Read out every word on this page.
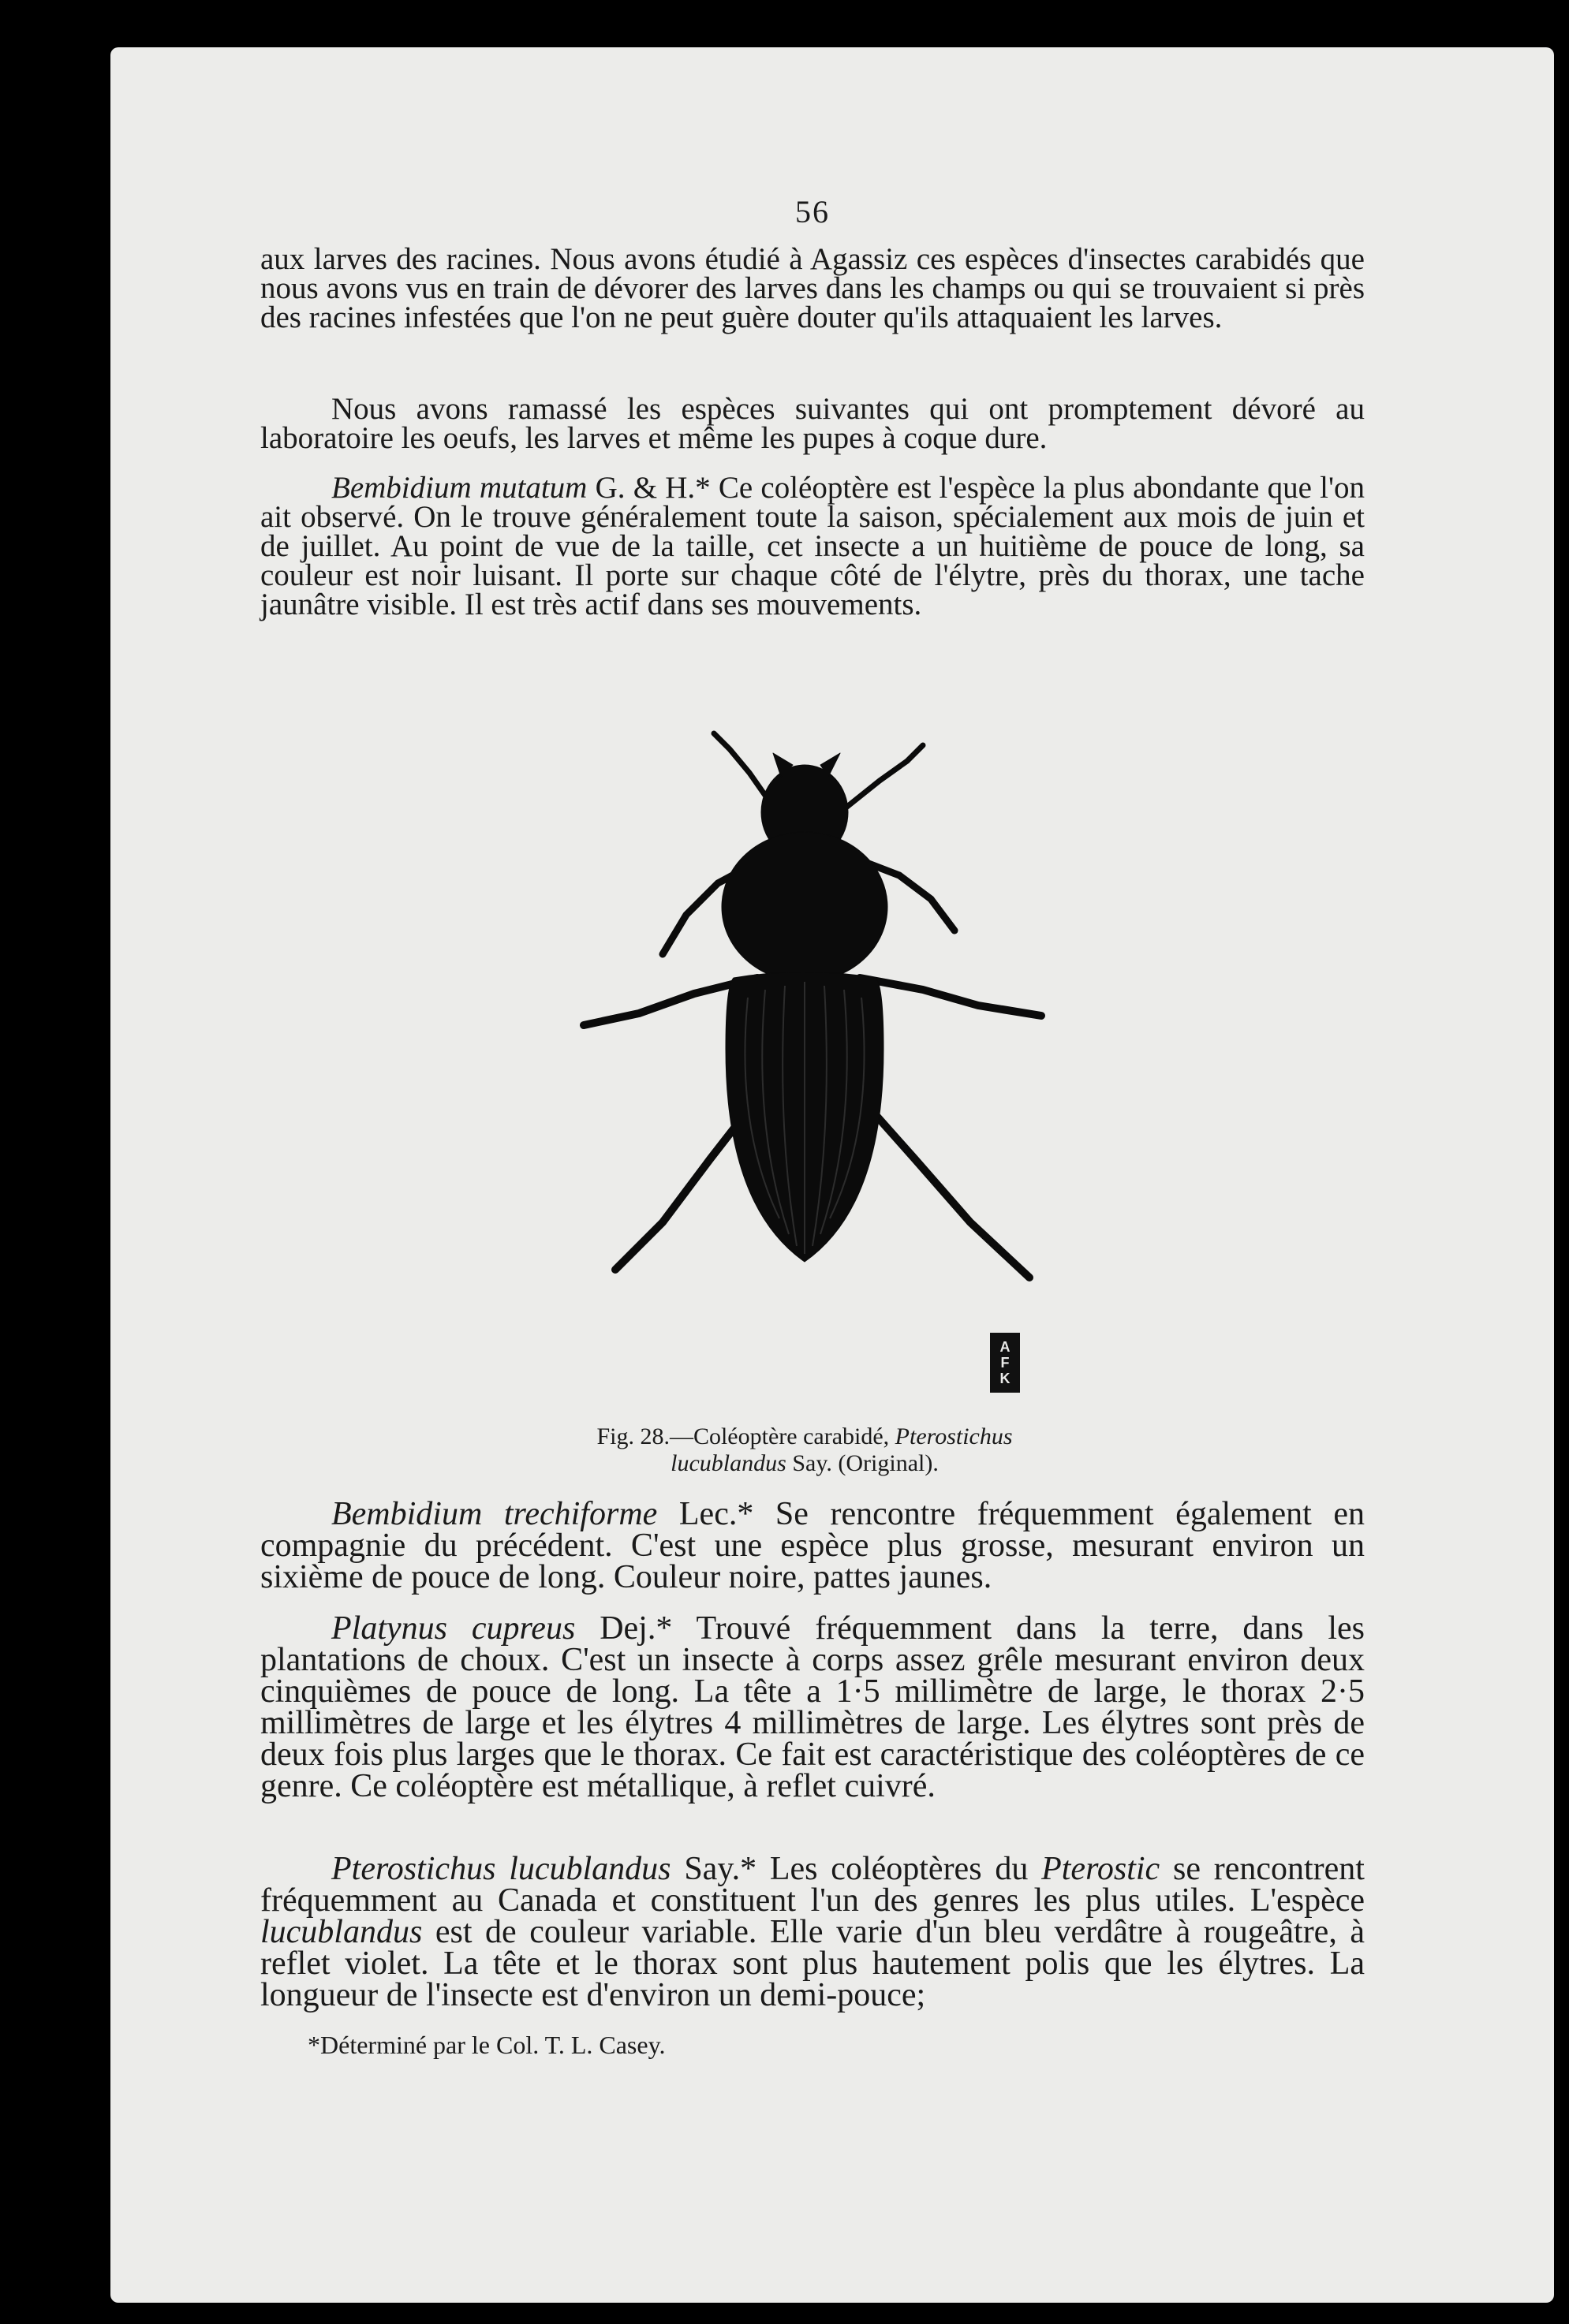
56

aux larves des racines. Nous avons étudié à Agassiz ces espèces d'insectes carabidés que nous avons vus en train de dévorer des larves dans les champs ou qui se trouvaient si près des racines infestées que l'on ne peut guère douter qu'ils attaquaient les larves.

Nous avons ramassé les espèces suivantes qui ont promptement dévoré au laboratoire les oeufs, les larves et même les pupes à coque dure.

Bembidium mutatum G. & H.* Ce coléoptère est l'espèce la plus abondante que l'on ait observé. On le trouve généralement toute la saison, spécialement aux mois de juin et de juillet. Au point de vue de la taille, cet insecte a un huitième de pouce de long, sa couleur est noir luisant. Il porte sur chaque côté de l'élytre, près du thorax, une tache jaunâtre visible. Il est très actif dans ses mouvements.

Bembidium trechiforme Lec.* Se rencontre fréquemment également en compagnie du précédent. C'est une espèce plus grosse, mesurant environ un sixième de pouce de long. Couleur noire, pattes jaunes.

Platynus cupreus Dej.* Trouvé fréquemment dans la terre, dans les plantations de choux. C'est un insecte à corps assez grêle mesurant environ deux cinquièmes de pouce de long. La tête a 1·5 millimètre de large, le thorax 2·5 millimètres de large et les élytres 4 millimètres de large. Les élytres sont près de deux fois plus larges que le thorax. Ce fait est caractéristique des coléoptères de ce genre. Ce coléoptère est métallique, à reflet cuivré.

Pterostichus lucublandus Say.* Les coléoptères du Pterostic se rencontrent fréquemment au Canada et constituent l'un des genres les plus utiles. L'espèce lucublandus est de couleur variable. Elle varie d'un bleu verdâtre à rougeâtre, à reflet violet. La tête et le thorax sont plus hautement polis que les élytres. La longueur de l'insecte est d'environ un demi-pouce;

*Déterminé par le Col. T. L. Casey.
A
F
K
Fig. 28.—Coléoptère carabidé, Pterostichus lucublandus Say. (Original).
